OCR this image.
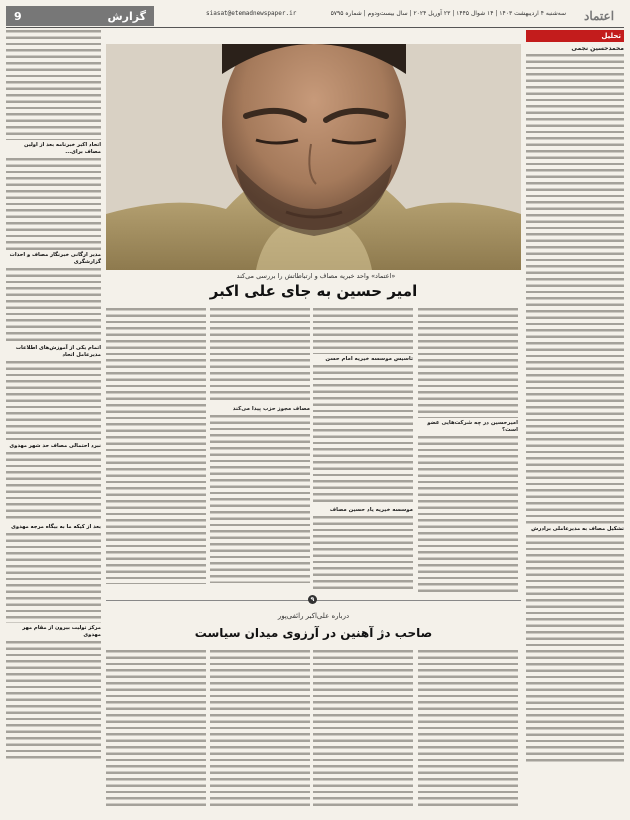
گزارش
9	siasat@etemadnewspaper.ir	سه‌شنبه ۴ اردیبهشت ۱۴۰۳ | ۱۴ شوال ۱۴۴۵ | ۲۳ آوریل ۲۰۲۴ | سال بیست‌ودوم | شماره ۵۷۹۵	اعتماد
تحلیل
محمدحسین نجمی
تشکیل مصاف به مدیرعاملی برادرش
اتحاد اکبر خبرنامه بعد از اولین مصاف برای...
مدیر ارگانی خبرنگار مصاف و احداث گزارشگری
اتمام یکی از آموزش‌های اطلاعات مدیرعامل اتحاد
نبرد احتمالی مصاف حد شهر مهدوی
بعد از کیکه ما به بیگاه مرجه مهدوی
مرکز تولیت بیرون از مقام مهر مهدوی
«اعتماد» واحد خبریه مصاف و ارتباطاتش را بررسی می‌کند
امیر حسین به جای علی اکبر
امیرحسین در چه شرکت‌هایی عضو است؟
تاسیس موسسه خیریه امام حسن
موسسه خیریه یاد حسین مصاف
مصاف مجوز حزب پیدا می‌کند
۹
درباره علی‌اکبر رائفی‌پور
صاحب دژ آهنین در آرزوی میدان سیاست
